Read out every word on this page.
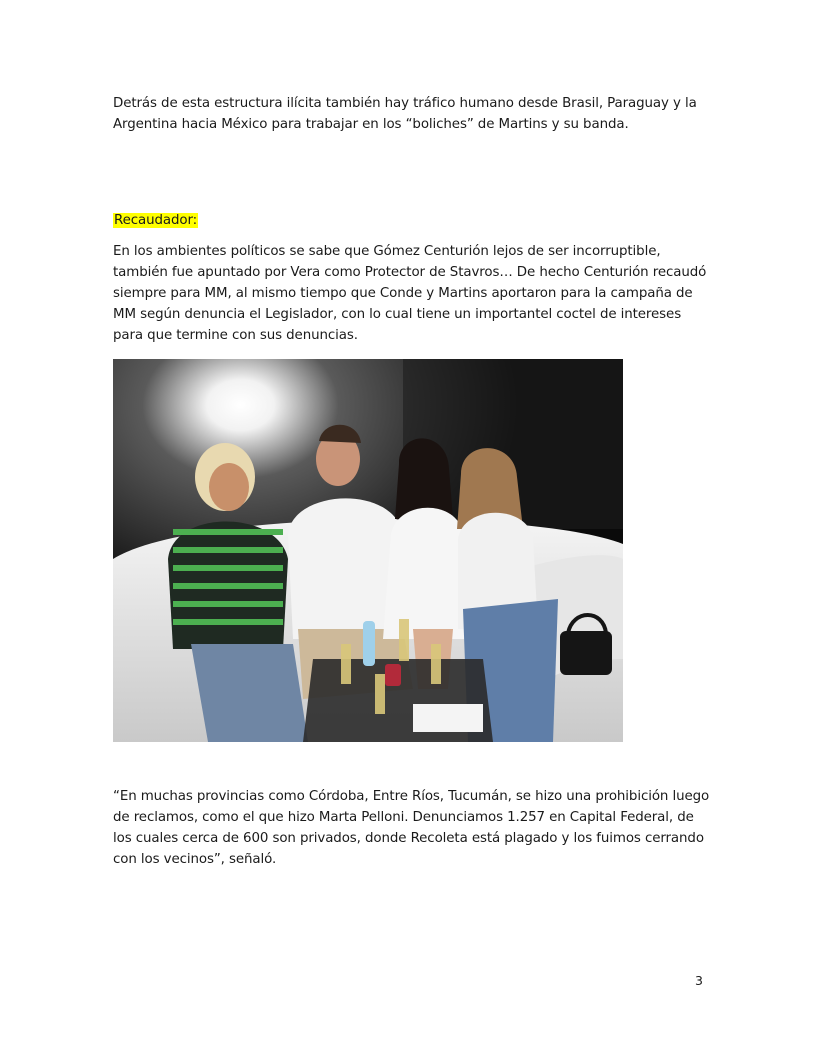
Detrás de esta estructura ilícita también hay tráfico humano desde Brasil, Paraguay y la Argentina hacia México para trabajar en los “boliches” de Martins y su banda.

Recaudador:

En los ambientes políticos se sabe que Gómez Centurión lejos de ser incorruptible, también fue apuntado por Vera como Protector de Stavros… De hecho Centurión recaudó siempre para MM, al mismo tiempo que Conde y Martins aportaron para la campaña de MM según denuncia el Legislador, con lo cual tiene un importantel coctel de intereses para que termine con sus denuncias.

“En muchas provincias como Córdoba, Entre Ríos, Tucumán, se hizo una prohibición luego de reclamos, como el que hizo Marta Pelloni. Denunciamos 1.257 en Capital Federal, de los cuales cerca de 600 son privados, donde Recoleta está plagado y los fuimos cerrando con los vecinos”, señaló.

3
